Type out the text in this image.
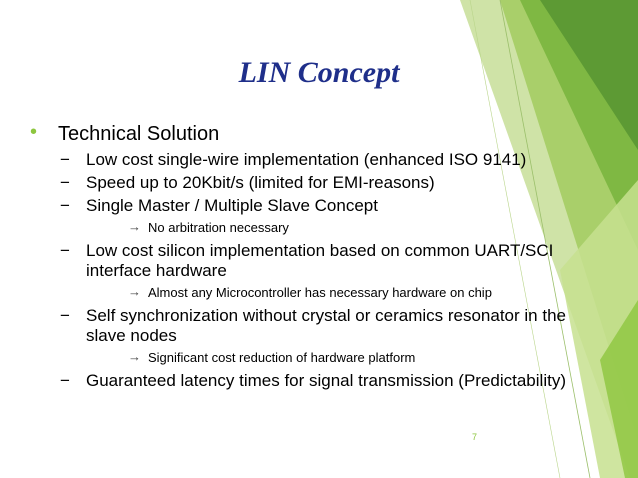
LIN Concept
• Technical Solution
− Low cost single-wire implementation (enhanced ISO 9141)
− Speed up to 20Kbit/s (limited for EMI-reasons)
− Single Master / Multiple Slave Concept
→ No arbitration necessary
− Low cost silicon implementation based on common UART/SCI interface hardware
→ Almost any Microcontroller has necessary hardware on chip
− Self synchronization without crystal or ceramics resonator in the slave nodes
→ Significant cost reduction of hardware platform
− Guaranteed latency times for signal transmission (Predictability)
7
